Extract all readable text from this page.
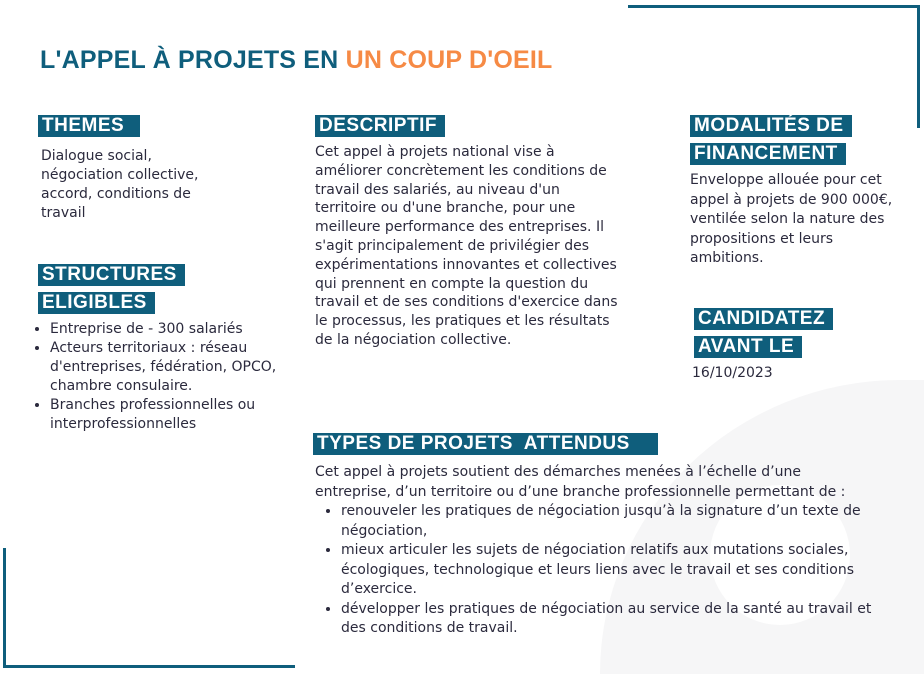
L'APPEL À PROJETS EN UN COUP D'OEIL
THEMES
Dialogue social, négociation collective, accord, conditions de travail
STRUCTURES
ELIGIBLES
• Entreprise de - 300 salariés
• Acteurs territoriaux : réseau d'entreprises, fédération, OPCO, chambre consulaire.
• Branches professionnelles ou interprofessionnelles
DESCRIPTIF
Cet appel à projets national vise à améliorer concrètement les conditions de travail des salariés, au niveau d'un territoire ou d'une branche, pour une meilleure performance des entreprises. Il s'agit principalement de privilégier des expérimentations innovantes et collectives qui prennent en compte la question du travail et de ses conditions d'exercice dans le processus, les pratiques et les résultats de la négociation collective.
MODALITÉS DE
FINANCEMENT
Enveloppe allouée pour cet appel à projets de 900 000€, ventilée selon la nature des propositions et leurs ambitions.
CANDIDATEZ
AVANT LE
16/10/2023
TYPES DE PROJETS  ATTENDUS
Cet appel à projets soutient des démarches menées à l’échelle d’une entreprise, d’un territoire ou d’une branche professionnelle permettant de :
• renouveler les pratiques de négociation jusqu’à la signature d’un texte de négociation,
• mieux articuler les sujets de négociation relatifs aux mutations sociales, écologiques, technologique et leurs liens avec le travail et ses conditions d’exercice.
• développer les pratiques de négociation au service de la santé au travail et des conditions de travail.
